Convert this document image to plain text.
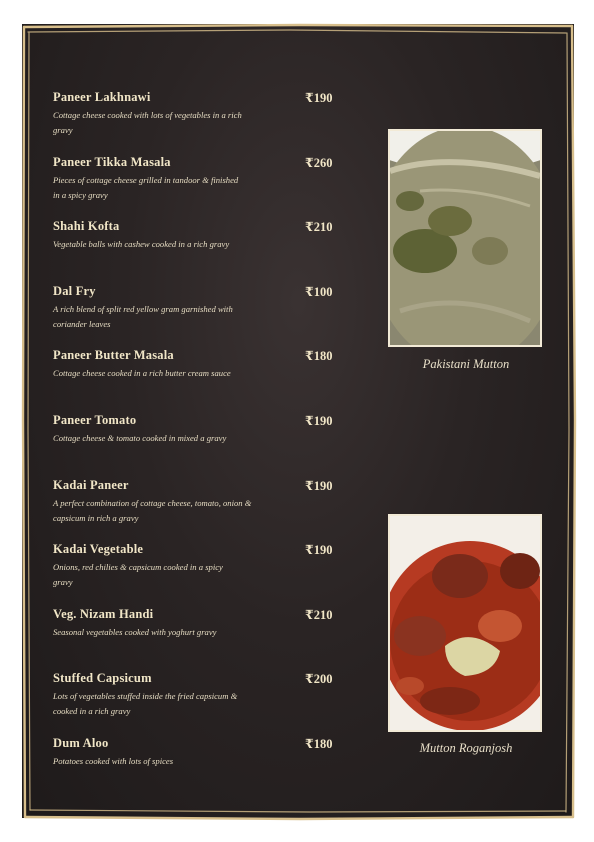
Paneer Lakhnawi	₹190
Cottage cheese cooked with lots of vegetables in a rich gravy
Paneer Tikka Masala	₹260
Pieces of cottage cheese grilled in tandoor & finished in a spicy gravy
Shahi Kofta	₹210
Vegetable balls with cashew cooked in a rich gravy
Dal Fry	₹100
A rich blend of split red yellow gram garnished with coriander leaves
Paneer Butter Masala	₹180
Cottage cheese cooked in a rich butter cream sauce
Paneer Tomato	₹190
Cottage cheese & tomato cooked in mixed a gravy
Kadai Paneer	₹190
A perfect combination of cottage cheese, tomato, onion & capsicum in rich a gravy
Kadai Vegetable	₹190
Onions, red chilies & capsicum cooked in a spicy gravy
Veg. Nizam Handi	₹210
Seasonal vegetables cooked with yoghurt gravy
Stuffed Capsicum	₹200
Lots of vegetables stuffed inside the fried capsicum & cooked in a rich gravy
Dum Aloo	₹180
Potatoes cooked with lots of spices
Pakistani Mutton
Mutton Roganjosh
